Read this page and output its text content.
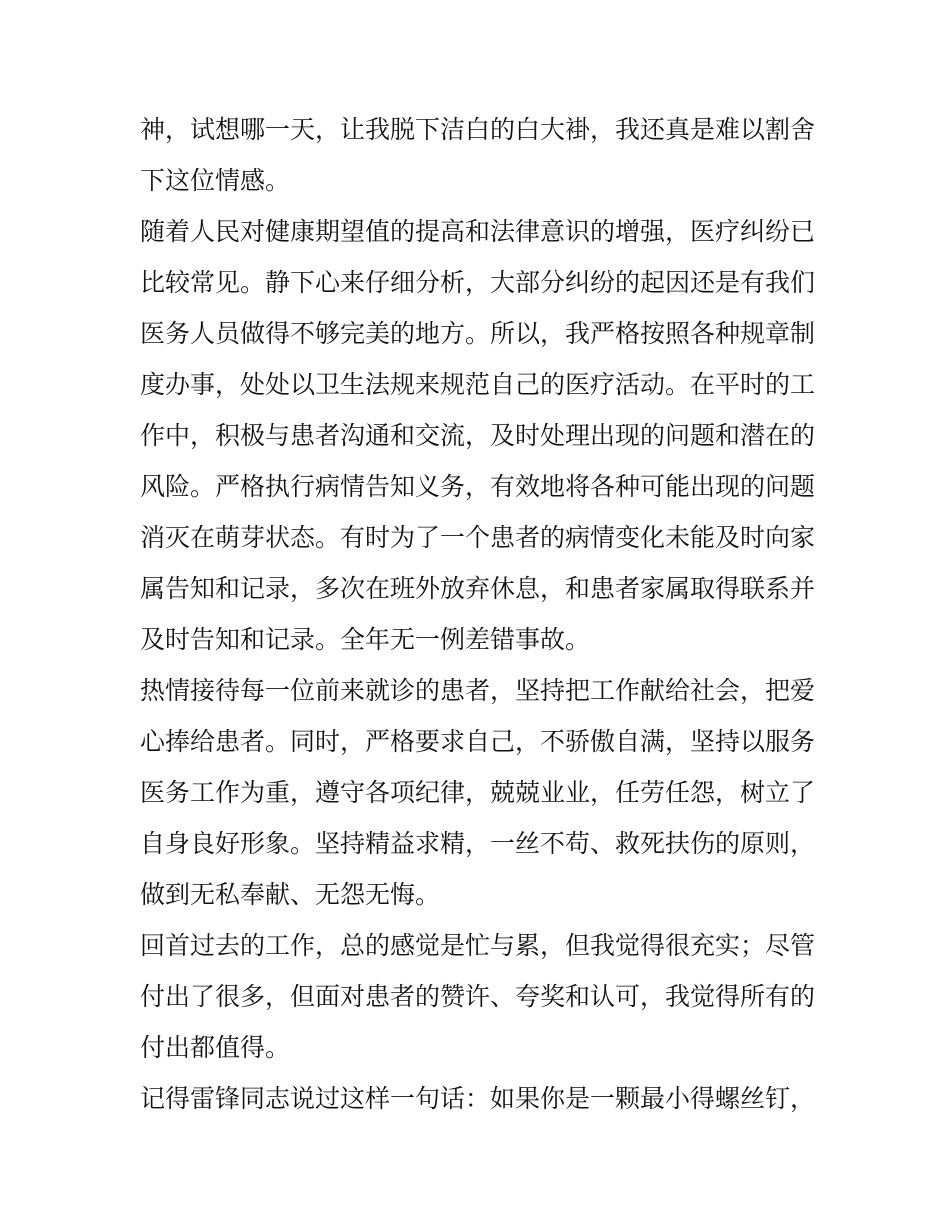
神，试想哪一天，让我脱下洁白的白大褂，我还真是难以割舍
下这位情感。
随着人民对健康期望值的提高和法律意识的增强，医疗纠纷已
比较常见。静下心来仔细分析，大部分纠纷的起因还是有我们
医务人员做得不够完美的地方。所以，我严格按照各种规章制
度办事，处处以卫生法规来规范自己的医疗活动。在平时的工
作中，积极与患者沟通和交流，及时处理出现的问题和潜在的
风险。严格执行病情告知义务，有效地将各种可能出现的问题
消灭在萌芽状态。有时为了一个患者的病情变化未能及时向家
属告知和记录，多次在班外放弃休息，和患者家属取得联系并
及时告知和记录。全年无一例差错事故。
热情接待每一位前来就诊的患者，坚持把工作献给社会，把爱
心捧给患者。同时，严格要求自己，不骄傲自满，坚持以服务
医务工作为重，遵守各项纪律，兢兢业业，任劳任怨，树立了
自身良好形象。坚持精益求精，一丝不苟、救死扶伤的原则，
做到无私奉献、无怨无悔。
回首过去的工作，总的感觉是忙与累，但我觉得很充实；尽管
付出了很多，但面对患者的赞许、夸奖和认可，我觉得所有的
付出都值得。
记得雷锋同志说过这样一句话：如果你是一颗最小得螺丝钉，
